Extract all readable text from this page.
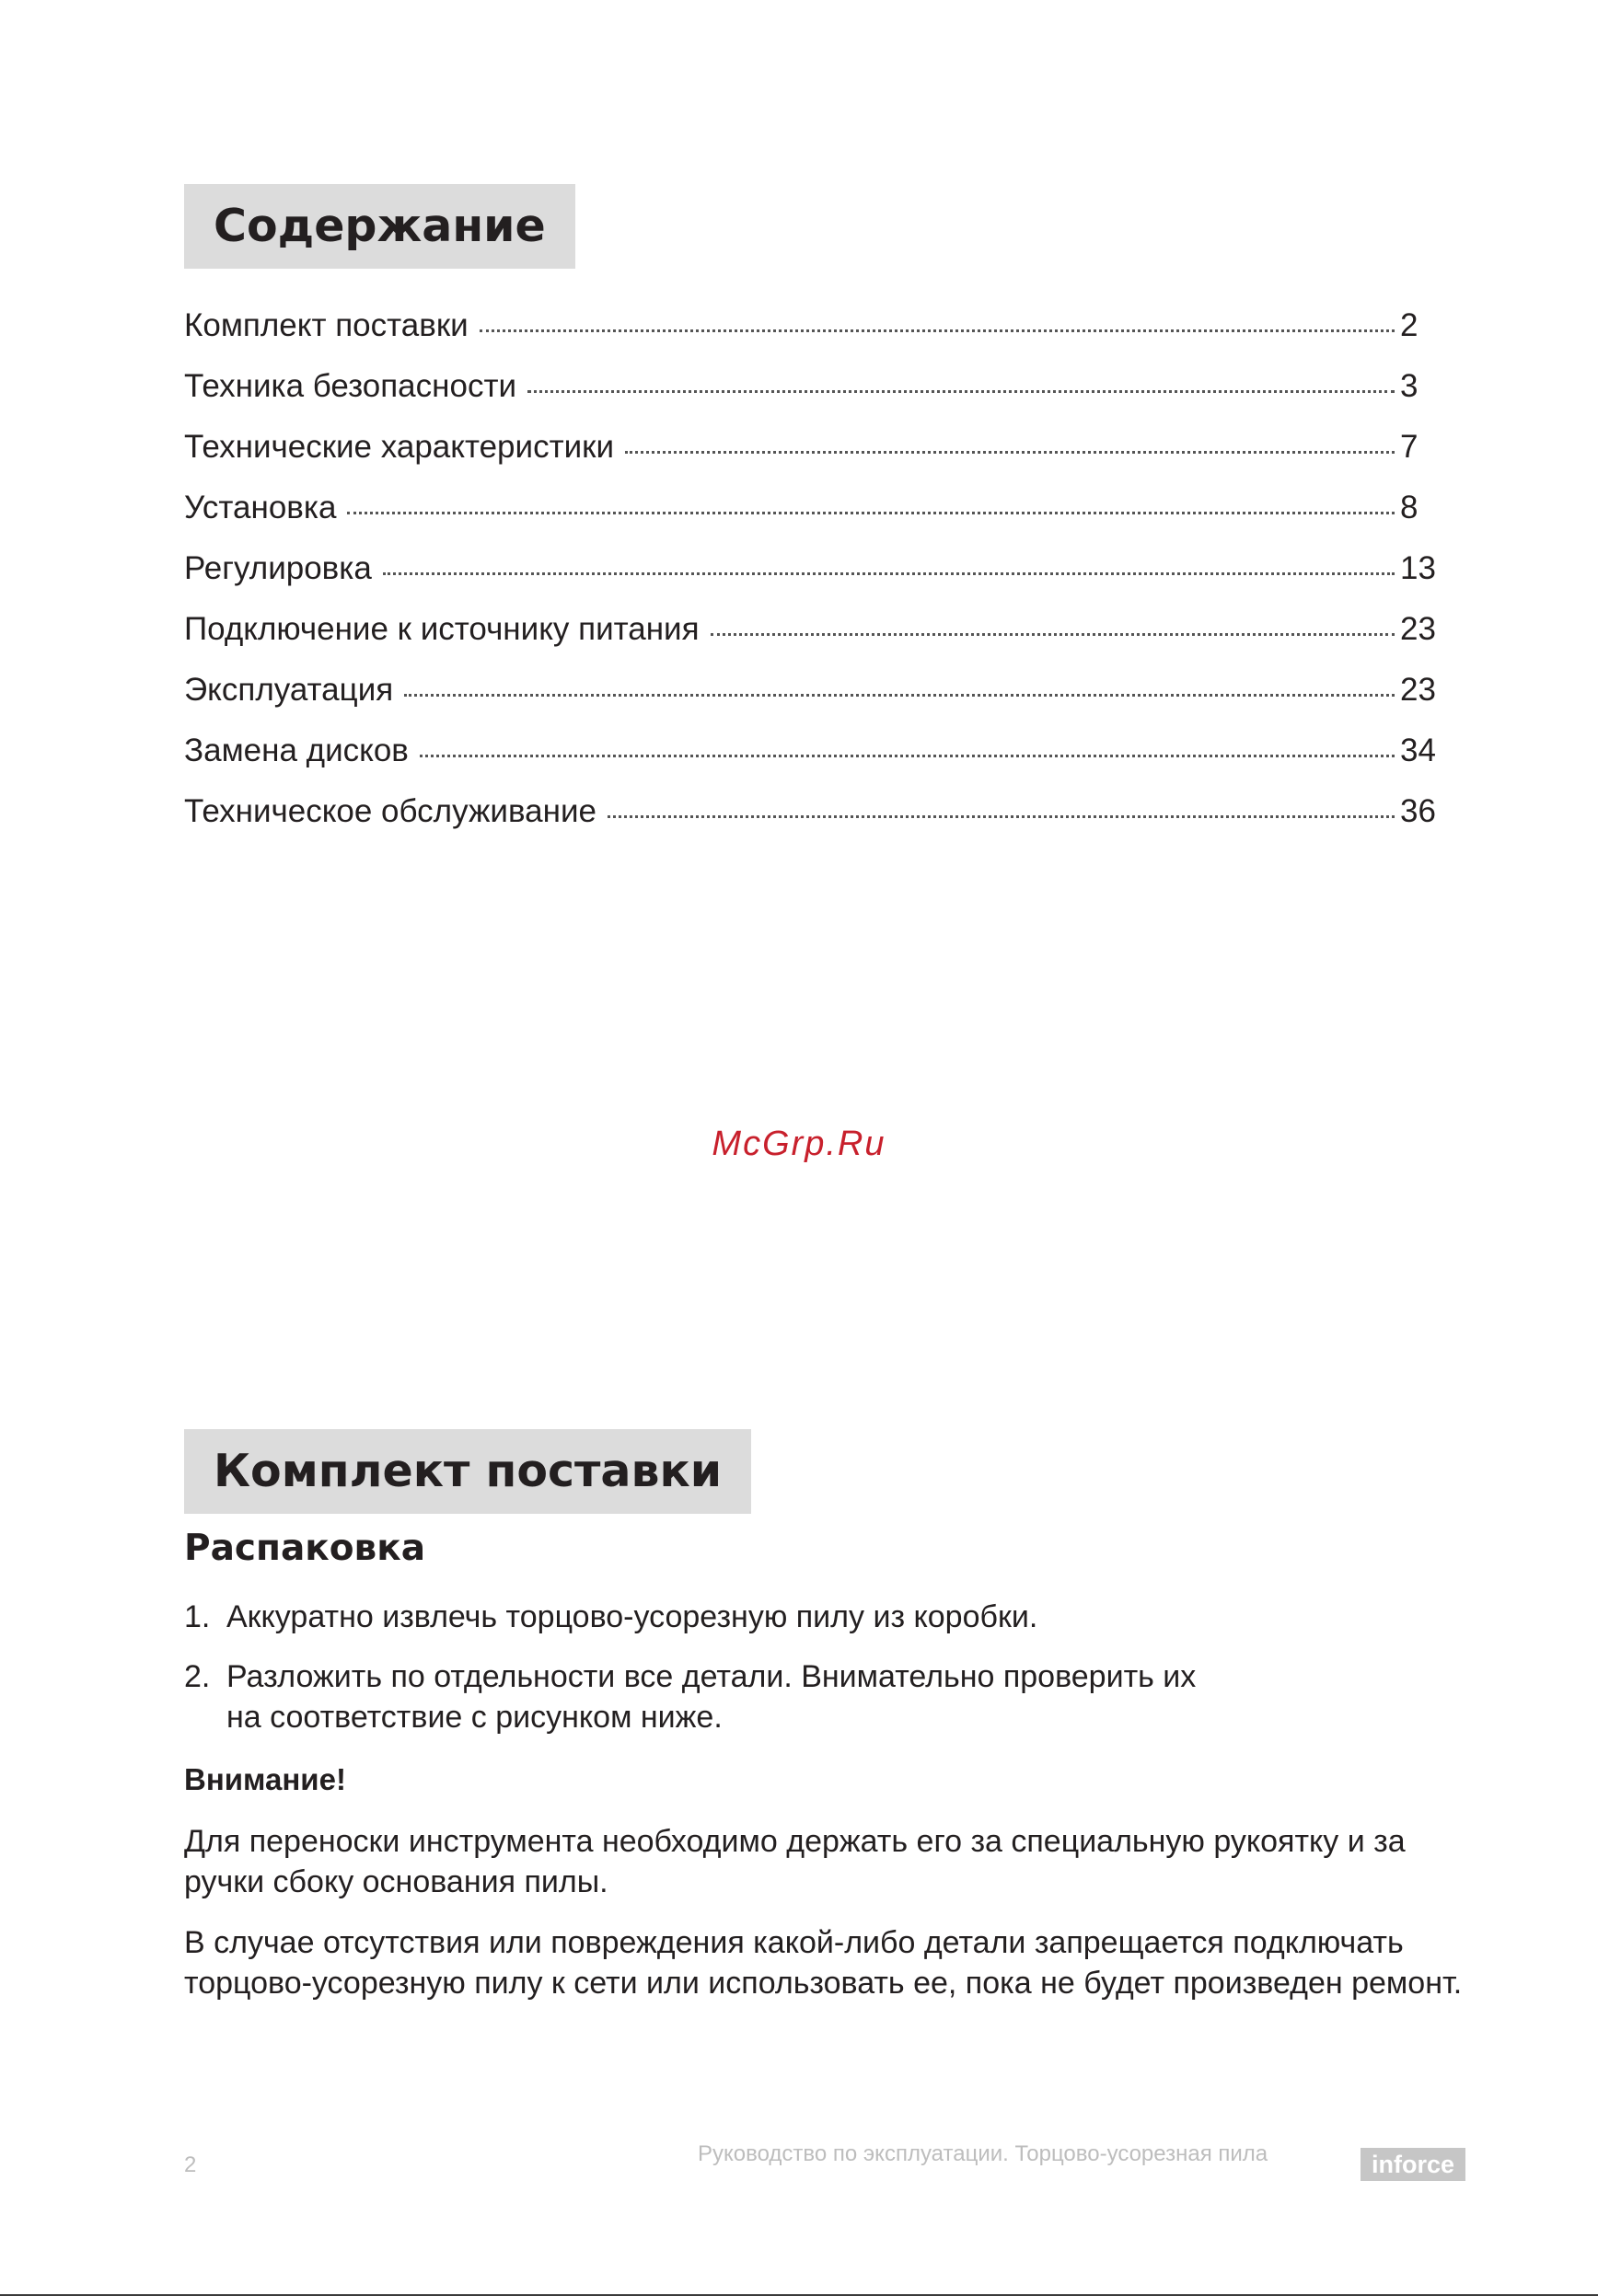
Содержание
Комплект поставки	2
Техника безопасности	3
Технические характеристики	7
Установка	8
Регулировка	13
Подключение к источнику питания	23
Эксплуатация	23
Замена дисков	34
Техническое обслуживание	36
McGrp.Ru
Комплект поставки
Распаковка
1. Аккуратно извлечь торцово-усорезную пилу из коробки.
2. Разложить по отдельности все детали. Внимательно проверить их на соответствие с рисунком ниже.
Внимание!

Для переноски инструмента необходимо держать его за специальную рукоятку и за ручки сбоку основания пилы.

В случае отсутствия или повреждения какой-либо детали запрещается подключать торцово-усорезную пилу к сети или использовать ее, пока не будет произведен ремонт.

2	Руководство по эксплуатации. Торцово-усорезная пила	inforce
